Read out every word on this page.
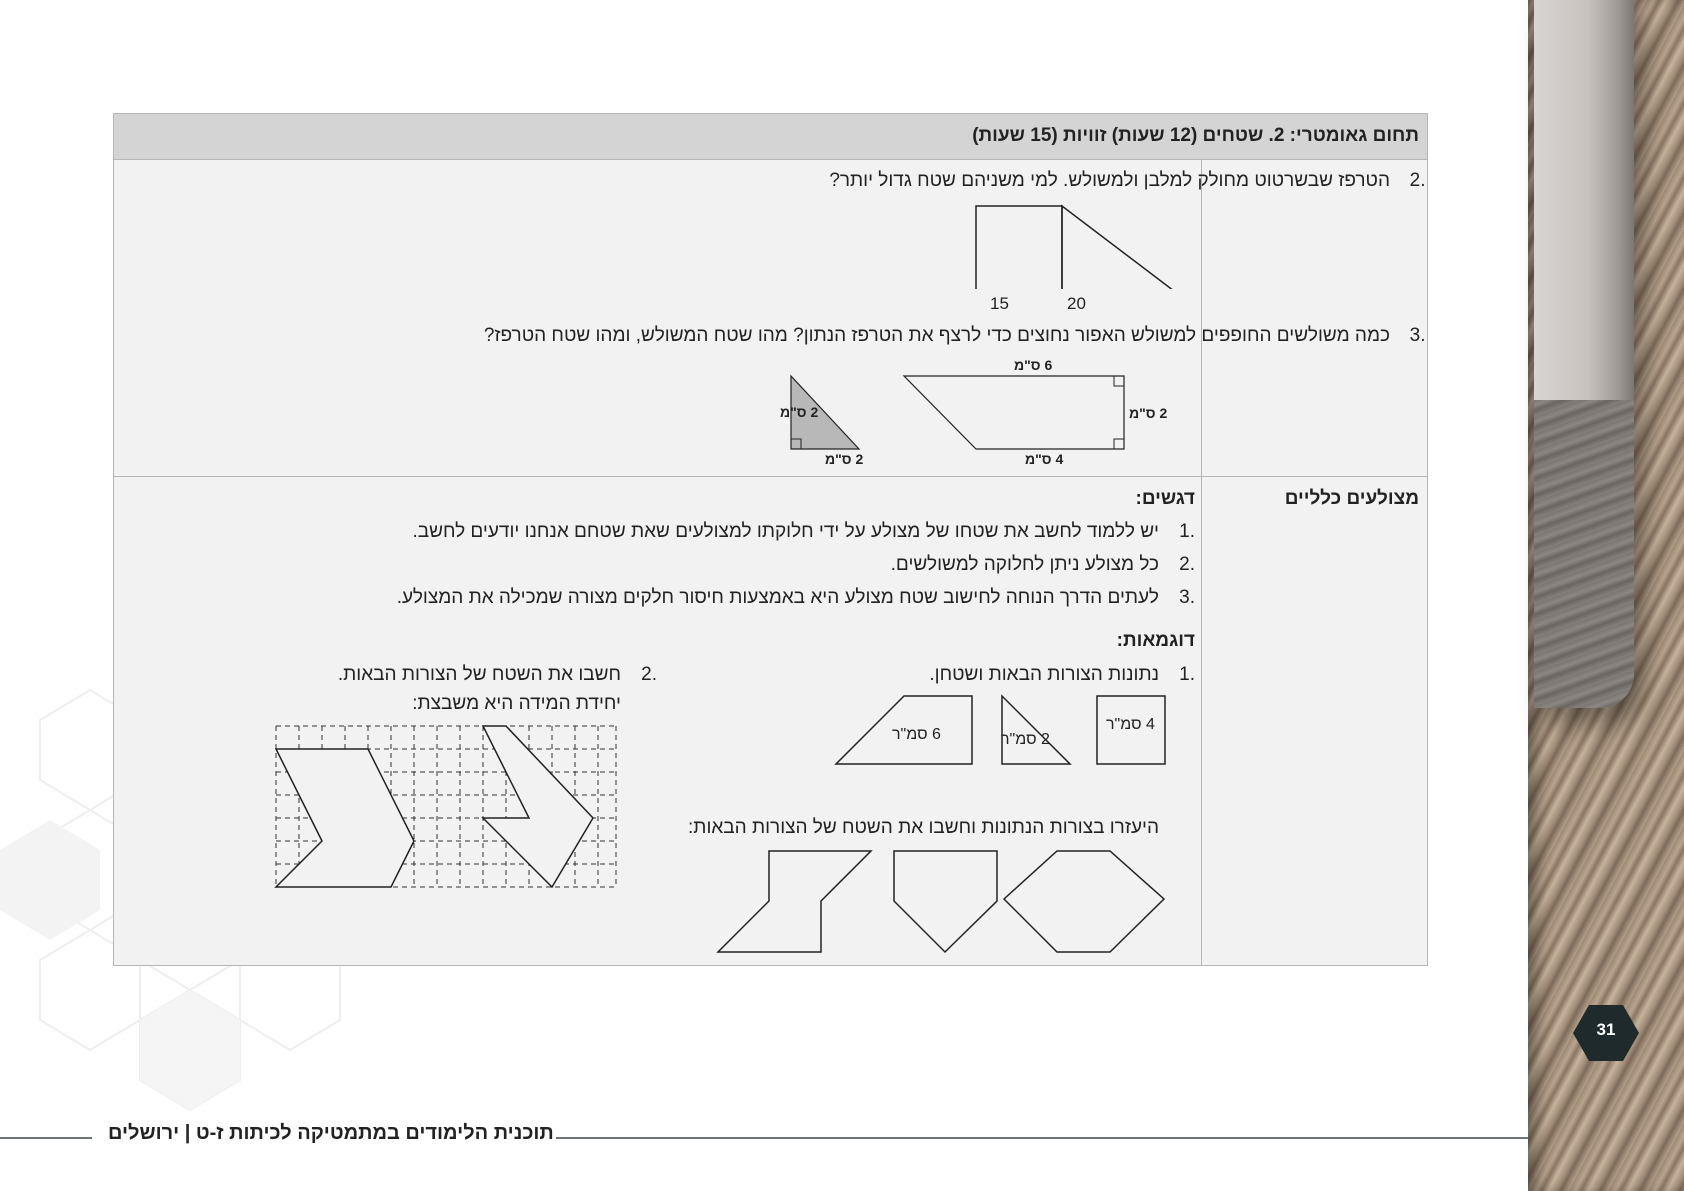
תחום גאומטרי: 2. שטחים (12 שעות) זוויות (15 שעות)
.2
הטרפז שבשרטוט מחולק למלבן ולמשולש. למי משניהם שטח גדול יותר?
15	20
.3
כמה משולשים החופפים למשולש האפור נחוצים כדי לרצף את הטרפז הנתון? מהו שטח המשולש, ומהו שטח הטרפז?
6 ס"מ
2 ס"מ
4 ס"מ
2 ס"מ
2 ס"מ
מצולעים כלליים
דגשים:
.1
יש ללמוד לחשב את שטחו של מצולע על ידי חלוקתו למצולעים שאת שטחם אנחנו יודעים לחשב.
.2
כל מצולע ניתן לחלוקה למשולשים.
.3
לעתים הדרך הנוחה לחישוב שטח מצולע היא באמצעות חיסור חלקים מצורה שמכילה את המצולע.
דוגמאות:
.1
נתונות הצורות הבאות ושטחן.
4 סמ"ר
2 סמ"ר
6 סמ"ר
היעזרו בצורות הנתונות וחשבו את השטח של הצורות הבאות:
.2
חשבו את השטח של הצורות הבאות.
יחידת המידה היא משבצת:
תוכנית הלימודים במתמטיקה לכיתות ז-ט | ירושלים
31
